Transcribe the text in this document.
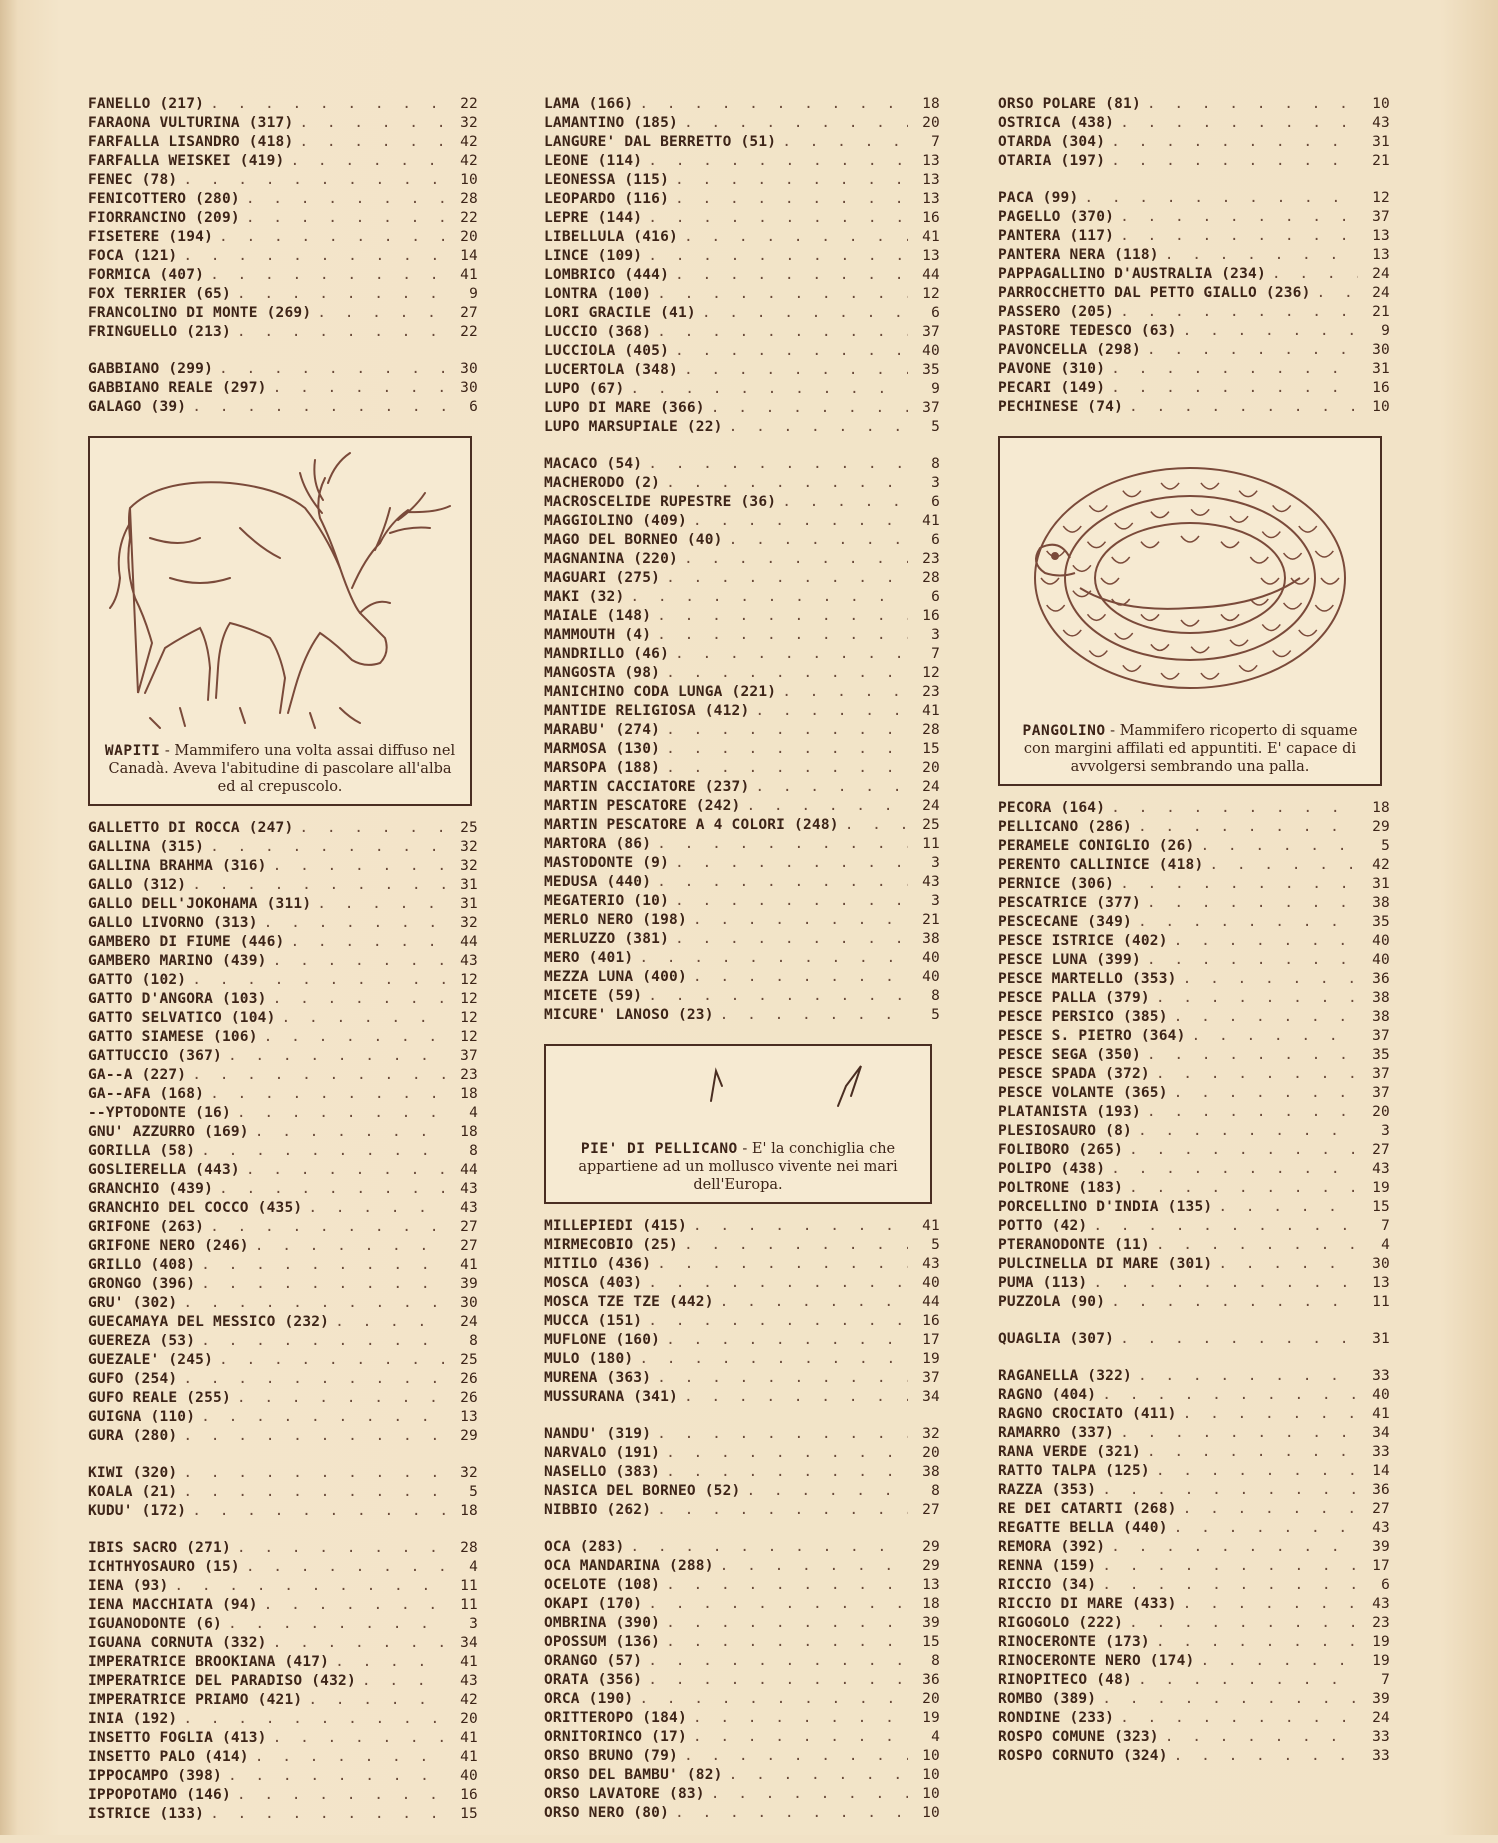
FANELLO (217) . . .	22
FARAONA VULTURINA (317) . . .	32
FARFALLA LISANDRO (418) . . .	42
FARFALLA WEISKEI (419) . . .	42
FENEC (78) . . .	10
FENICOTTERO (280) . . .	28
FIORRANCINO (209) . . .	22
FISETERE (194) . . .	20
FOCA (121) . . .	14
FORMICA (407) . . .	41
FOX TERRIER (65) . . .	9
FRANCOLINO DI MONTE (269) . . .	27
FRINGUELLO (213) . . .	22
GABBIANO (299) . . .	30
GABBIANO REALE (297) . . .	30
GALAGO (39) . . .	6
WAPITI - Mammifero una volta assai diffuso nel Canadà. Aveva l'abitudine di pascolare all'alba ed al crepuscolo.
GALLETTO DI ROCCA (247) . . .	25
GALLINA (315) . . .	32
GALLINA BRAHMA (316) . . .	32
GALLO (312) . . .	31
GALLO DELL'JOKOHAMA (311) . . .	31
GALLO LIVORNO (313) . . .	32
GAMBERO DI FIUME (446) . . .	44
GAMBERO MARINO (439) . . .	43
GATTO (102) . . .	12
GATTO D'ANGORA (103) . . .	12
GATTO SELVATICO (104) . . .	12
GATTO SIAMESE (106) . . .	12
GATTUCCIO (367) . . .	37
GA--A (227) . . .	23
GA--AFA (168) . . .	18
--YPTODONTE (16) . . .	4
GNU' AZZURRO (169) . . .	18
GORILLA (58) . . .	8
GOSLIERELLA (443) . . .	44
GRANCHIO (439) . . .	43
GRANCHIO DEL COCCO (435) . . .	43
GRIFONE (263) . . .	27
GRIFONE NERO (246) . . .	27
GRILLO (408) . . .	41
GRONGO (396) . . .	39
GRU' (302) . . .	30
GUECAMAYA DEL MESSICO (232) . . .	24
GUEREZA (53) . . .	8
GUEZALE' (245) . . .	25
GUFO (254) . . .	26
GUFO REALE (255) . . .	26
GUIGNA (110) . . .	13
GURA (280) . . .	29
KIWI (320) . . .	32
KOALA (21) . . .	5
KUDU' (172) . . .	18
IBIS SACRO (271) . . .	28
ICHTHYOSAURO (15) . . .	4
IENA (93) . . .	11
IENA MACCHIATA (94) . . .	11
IGUANODONTE (6) . . .	3
IGUANA CORNUTA (332) . . .	34
IMPERATRICE BROOKIANA (417) . . .	41
IMPERATRICE DEL PARADISO (432) . . .	43
IMPERATRICE PRIAMO (421) . . .	42
INIA (192) . . .	20
INSETTO FOGLIA (413) . . .	41
INSETTO PALO (414) . . .	41
IPPOCAMPO (398) . . .	40
IPPOPOTAMO (146) . . .	16
ISTRICE (133) . . .	15
LAMA (166) . . .	18
LAMANTINO (185) . . .	20
LANGURE' DAL BERRETTO (51) . . .	7
LEONE (114) . . .	13
LEONESSA (115) . . .	13
LEOPARDO (116) . . .	13
LEPRE (144) . . .	16
LIBELLULA (416) . . .	41
LINCE (109) . . .	13
LOMBRICO (444) . . .	44
LONTRA (100) . . .	12
LORI GRACILE (41) . . .	6
LUCCIO (368) . . .	37
LUCCIOLA (405) . . .	40
LUCERTOLA (348) . . .	35
LUPO (67) . . .	9
LUPO DI MARE (366) . . .	37
LUPO MARSUPIALE (22) . . .	5
MACACO (54) . . .	8
MACHERODO (2) . . .	3
MACROSCELIDE RUPESTRE (36) . . .	6
MAGGIOLINO (409) . . .	41
MAGO DEL BORNEO (40) . . .	6
MAGNANINA (220) . . .	23
MAGUARI (275) . . .	28
MAKI (32) . . .	6
MAIALE (148) . . .	16
MAMMOUTH (4) . . .	3
MANDRILLO (46) . . .	7
MANGOSTA (98) . . .	12
MANICHINO CODA LUNGA (221) . . .	23
MANTIDE RELIGIOSA (412) . . .	41
MARABU' (274) . . .	28
MARMOSA (130) . . .	15
MARSOPA (188) . . .	20
MARTIN CACCIATORE (237) . . .	24
MARTIN PESCATORE (242) . . .	24
MARTIN PESCATORE A 4 COLORI (248) . . .	25
MARTORA (86) . . .	11
MASTODONTE (9) . . .	3
MEDUSA (440) . . .	43
MEGATERIO (10) . . .	3
MERLO NERO (198) . . .	21
MERLUZZO (381) . . .	38
MERO (401) . . .	40
MEZZA LUNA (400) . . .	40
MICETE (59) . . .	8
MICURE' LANOSO (23) . . .	5
PIE' DI PELLICANO - E' la conchiglia che appartiene ad un mollusco vivente nei mari dell'Europa.
MILLEPIEDI (415) . . .	41
MIRMECOBIO (25) . . .	5
MITILO (436) . . .	43
MOSCA (403) . . .	40
MOSCA TZE TZE (442) . . .	44
MUCCA (151) . . .	16
MUFLONE (160) . . .	17
MULO (180) . . .	19
MURENA (363) . . .	37
MUSSURANA (341) . . .	34
NANDU' (319) . . .	32
NARVALO (191) . . .	20
NASELLO (383) . . .	38
NASICA DEL BORNEO (52) . . .	8
NIBBIO (262) . . .	27
OCA (283) . . .	29
OCA MANDARINA (288) . . .	29
OCELOTE (108) . . .	13
OKAPI (170) . . .	18
OMBRINA (390) . . .	39
OPOSSUM (136) . . .	15
ORANGO (57) . . .	8
ORATA (356) . . .	36
ORCA (190) . . .	20
ORITTEROPO (184) . . .	19
ORNITORINCO (17) . . .	4
ORSO BRUNO (79) . . .	10
ORSO DEL BAMBU' (82) . . .	10
ORSO LAVATORE (83) . . .	10
ORSO NERO (80) . . .	10
ORSO POLARE (81) . . .	10
OSTRICA (438) . . .	43
OTARDA (304) . . .	31
OTARIA (197) . . .	21
PACA (99) . . .	12
PAGELLO (370) . . .	37
PANTERA (117) . . .	13
PANTERA NERA (118) . . .	13
PAPPAGALLINO D'AUSTRALIA (234) . . .	24
PARROCCHETTO DAL PETTO GIALLO (236) . . .	24
PASSERO (205) . . .	21
PASTORE TEDESCO (63) . . .	9
PAVONCELLA (298) . . .	30
PAVONE (310) . . .	31
PECARI (149) . . .	16
PECHINESE (74) . . .	10
PANGOLINO - Mammifero ricoperto di squame con margini affilati ed appuntiti. E' capace di avvolgersi sembrando una palla.
PECORA (164) . . .	18
PELLICANO (286) . . .	29
PERAMELE CONIGLIO (26) . . .	5
PERENTO CALLINICE (418) . . .	42
PERNICE (306) . . .	31
PESCATRICE (377) . . .	38
PESCECANE (349) . . .	35
PESCE ISTRICE (402) . . .	40
PESCE LUNA (399) . . .	40
PESCE MARTELLO (353) . . .	36
PESCE PALLA (379) . . .	38
PESCE PERSICO (385) . . .	38
PESCE S. PIETRO (364) . . .	37
PESCE SEGA (350) . . .	35
PESCE SPADA (372) . . .	37
PESCE VOLANTE (365) . . .	37
PLATANISTA (193) . . .	20
PLESIOSAURO (8) . . .	3
FOLIBORO (265) . . .	27
POLIPO (438) . . .	43
POLTRONE (183) . . .	19
PORCELLINO D'INDIA (135) . . .	15
POTTO (42) . . .	7
PTERANODONTE (11) . . .	4
PULCINELLA DI MARE (301) . . .	30
PUMA (113) . . .	13
PUZZOLA (90) . . .	11
QUAGLIA (307) . . .	31
RAGANELLA (322) . . .	33
RAGNO (404) . . .	40
RAGNO CROCIATO (411) . . .	41
RAMARRO (337) . . .	34
RANA VERDE (321) . . .	33
RATTO TALPA (125) . . .	14
RAZZA (353) . . .	36
RE DEI CATARTI (268) . . .	27
REGATTE BELLA (440) . . .	43
REMORA (392) . . .	39
RENNA (159) . . .	17
RICCIO (34) . . .	6
RICCIO DI MARE (433) . . .	43
RIGOGOLO (222) . . .	23
RINOCERONTE (173) . . .	19
RINOCERONTE NERO (174) . . .	19
RINOPITECO (48) . . .	7
ROMBO (389) . . .	39
RONDINE (233) . . .	24
ROSPO COMUNE (323) . . .	33
ROSPO CORNUTO (324) . . .	33
